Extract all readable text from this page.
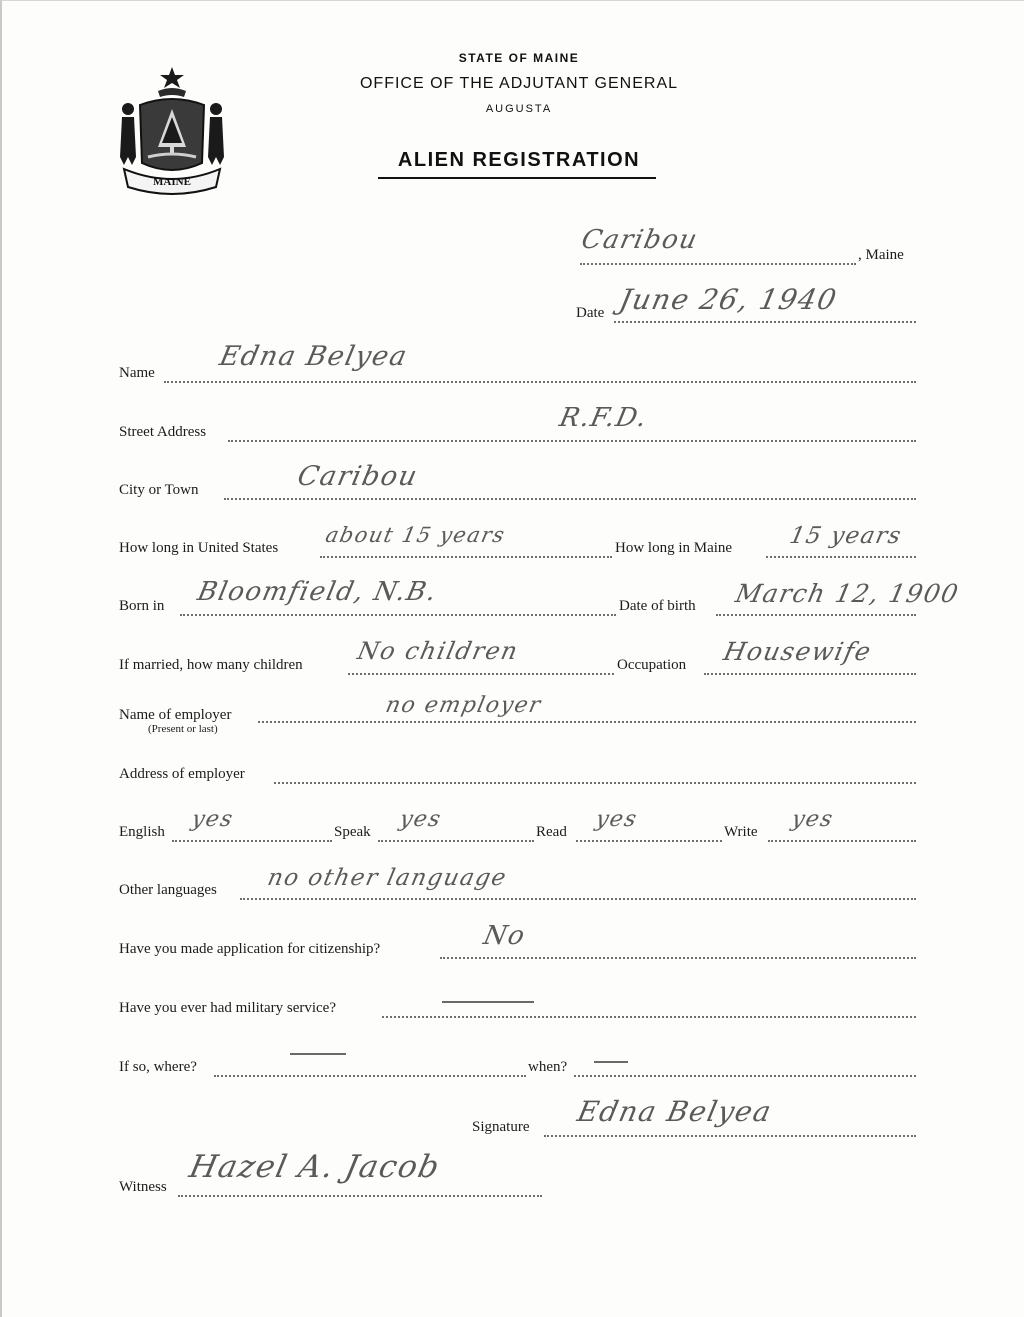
MAINE
STATE OF MAINE
OFFICE OF THE ADJUTANT GENERAL
AUGUSTA
ALIEN REGISTRATION
Caribou	, Maine
Date June 26, 1940
Name
Edna Belyea
Street Address	R.F.D.
City or Town	Caribou
How long in United States
about 15 years
How long in Maine 15 years
Born in Bloomfield, N.B.	Date of birth March 12, 1900
If married, how many children No children	Occupation Housewife
Name of employer
(Present or last)
no employer
Address of employer
English yes	Speak yes	Read yes	Write yes
Other languages no other language
Have you made application for citizenship?	No
Have you ever had military service?
If so, where?	when?
Signature Edna Belyea
Witness
Hazel A. Jacob
